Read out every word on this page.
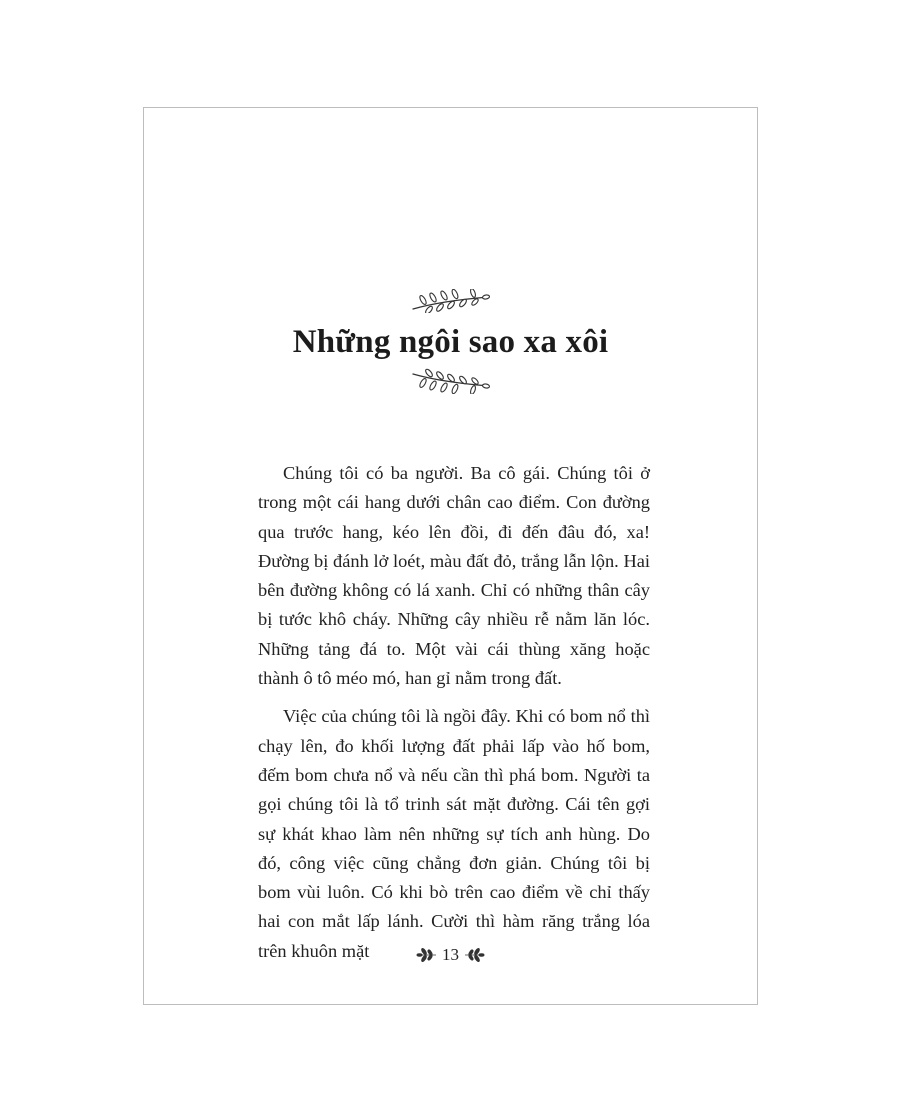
Những ngôi sao xa xôi

Chúng tôi có ba người. Ba cô gái. Chúng tôi ở trong một cái hang dưới chân cao điểm. Con đường qua trước hang, kéo lên đồi, đi đến đâu đó, xa! Đường bị đánh lở loét, màu đất đỏ, trắng lẫn lộn. Hai bên đường không có lá xanh. Chỉ có những thân cây bị tước khô cháy. Những cây nhiều rễ nằm lăn lóc. Những tảng đá to. Một vài cái thùng xăng hoặc thành ô tô méo mó, han gỉ nằm trong đất.

Việc của chúng tôi là ngồi đây. Khi có bom nổ thì chạy lên, đo khối lượng đất phải lấp vào hố bom, đếm bom chưa nổ và nếu cần thì phá bom. Người ta gọi chúng tôi là tổ trinh sát mặt đường. Cái tên gợi sự khát khao làm nên những sự tích anh hùng. Do đó, công việc cũng chẳng đơn giản. Chúng tôi bị bom vùi luôn. Có khi bò trên cao điểm về chỉ thấy hai con mắt lấp lánh. Cười thì hàm răng trắng lóa trên khuôn mặt	13
